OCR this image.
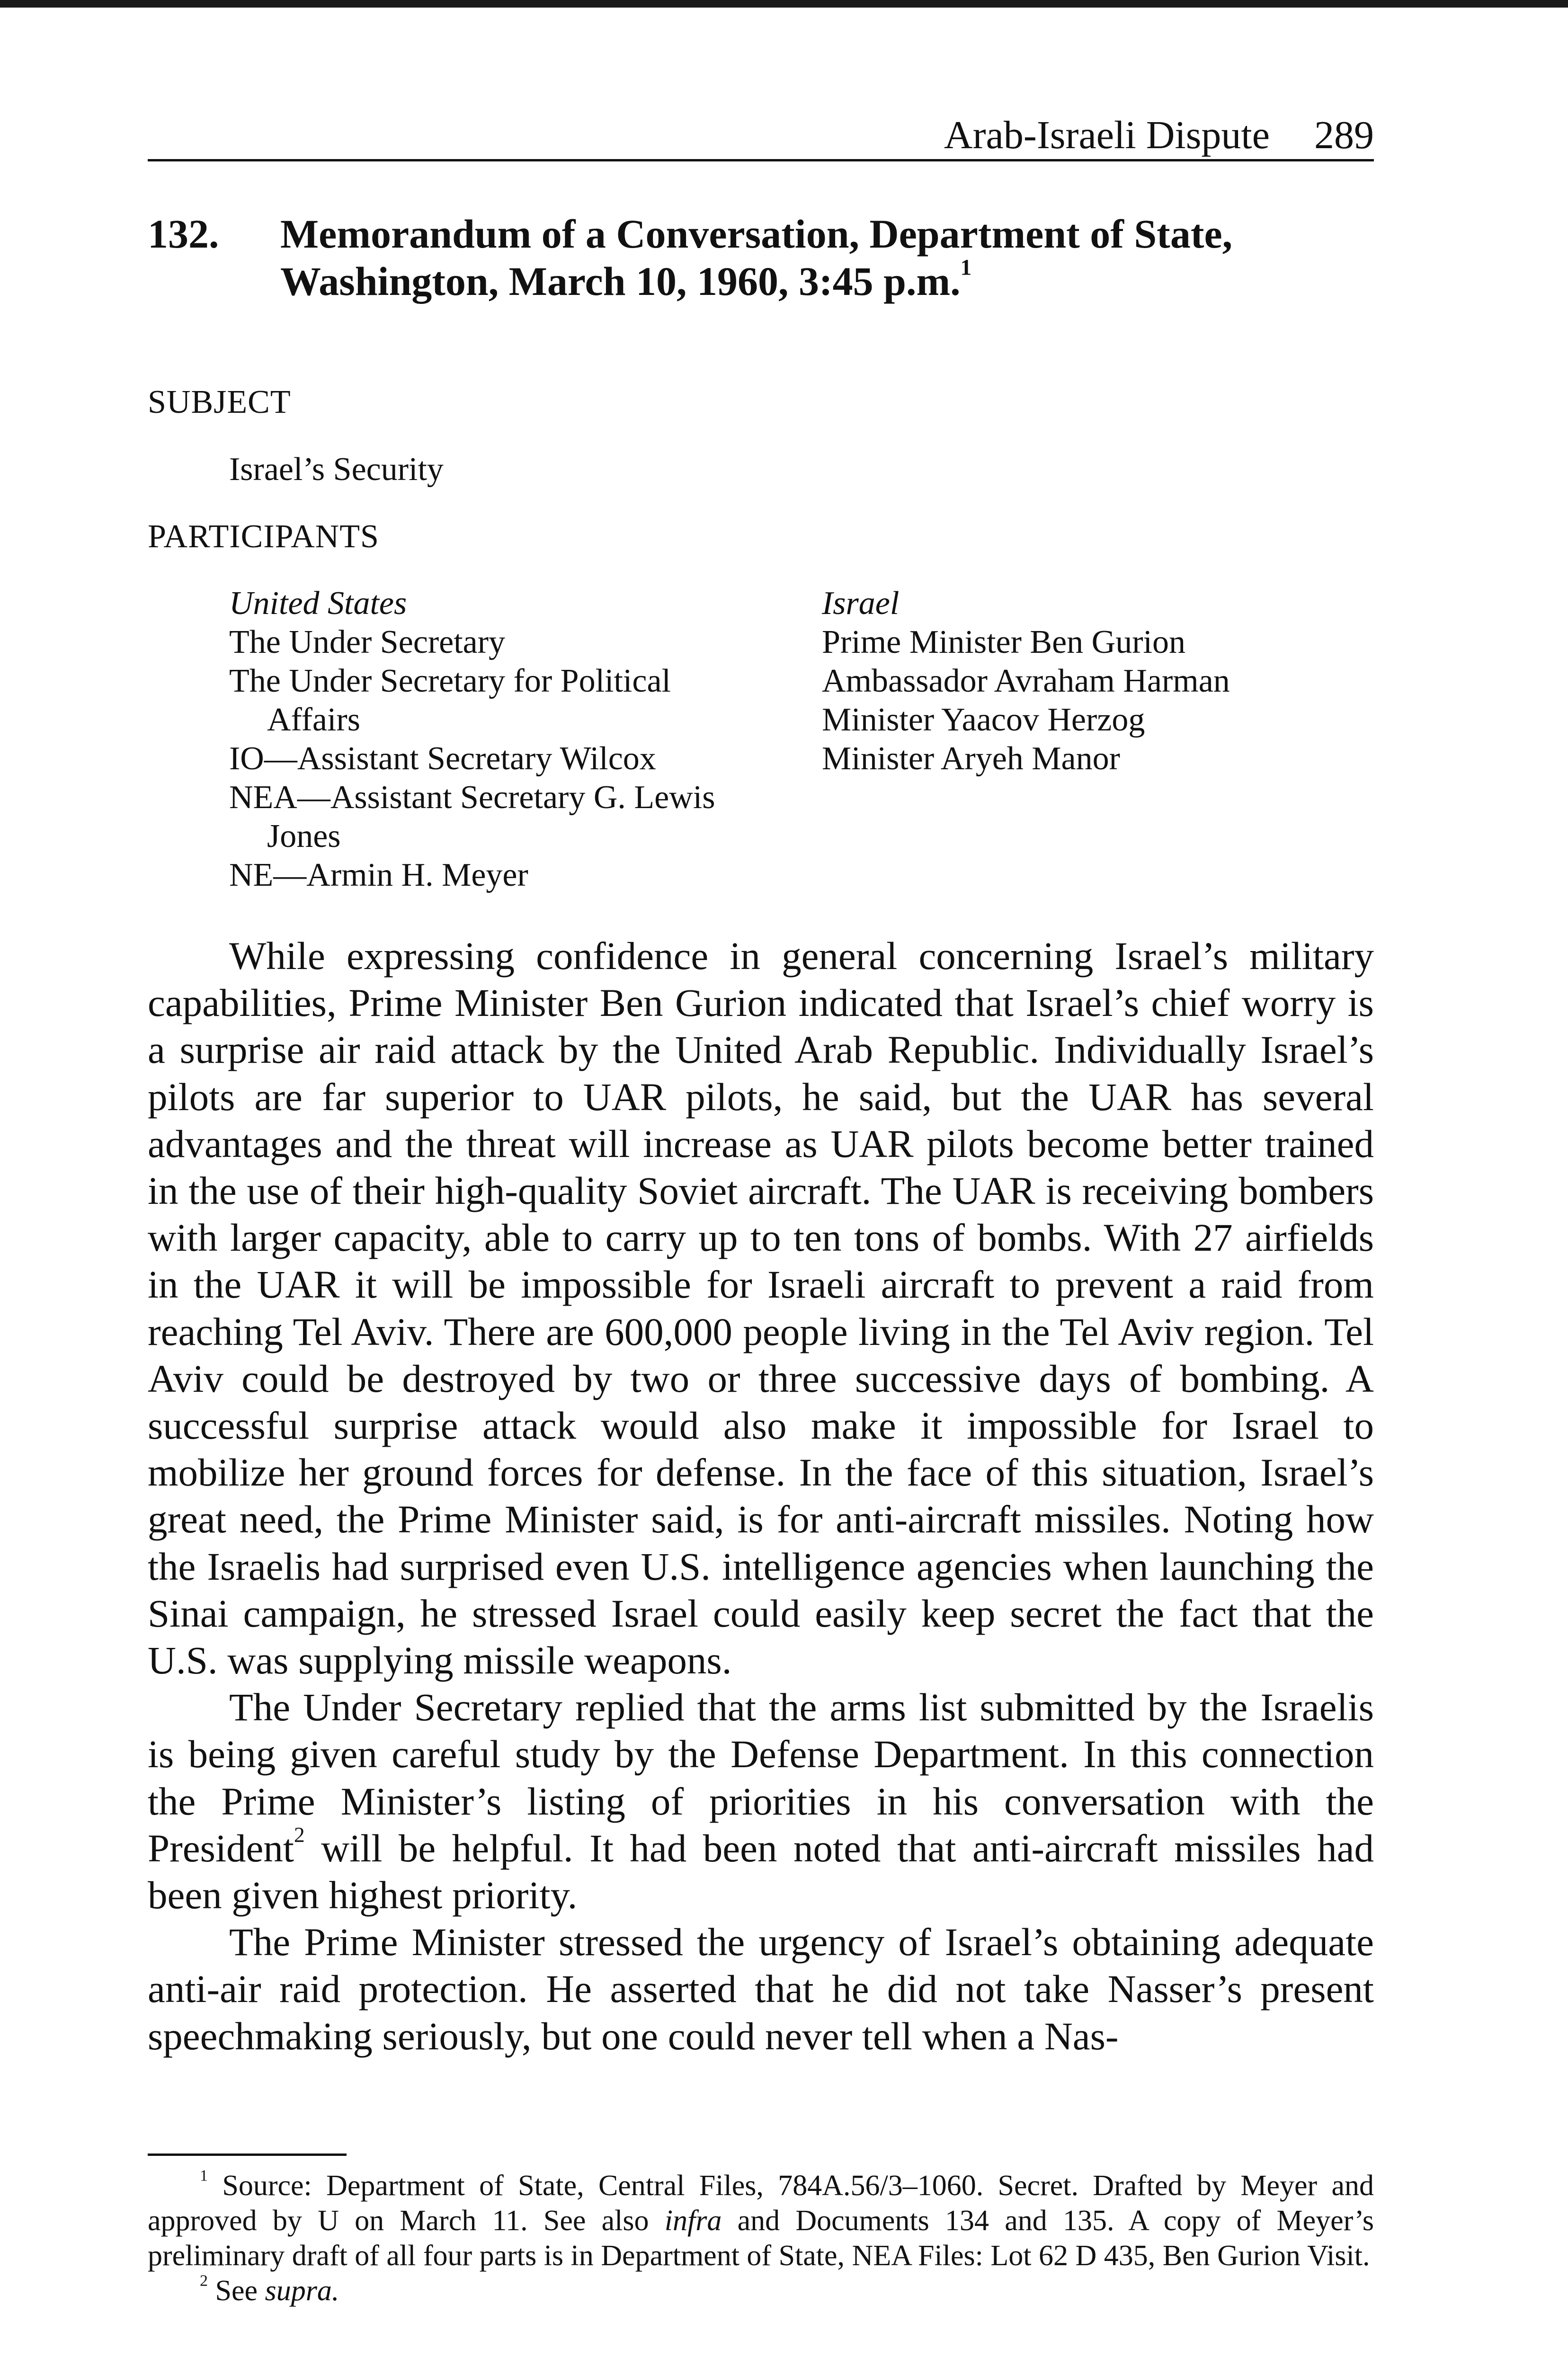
Arab-Israeli Dispute 289
132. Memorandum of a Conversation, Department of State, Washington, March 10, 1960, 3:45 p.m.$^1$
SUBJECT
Israel’s Security
PARTICIPANTS
United States
The Under Secretary
The Under Secretary for Political
Affairs
IO—Assistant Secretary Wilcox
NEA—Assistant Secretary G. Lewis
Jones
NE—Armin H. Meyer
Israel
Prime Minister Ben Gurion
Ambassador Avraham Harman
Minister Yaacov Herzog
Minister Aryeh Manor

While expressing confidence in general concerning Israel’s military capabilities, Prime Minister Ben Gurion indicated that Israel’s chief worry is a surprise air raid attack by the United Arab Republic. Individually Israel’s pilots are far superior to UAR pilots, he said, but the UAR has several advantages and the threat will increase as UAR pilots become better trained in the use of their high-quality Soviet aircraft. The UAR is receiving bombers with larger capacity, able to carry up to ten tons of bombs. With 27 airfields in the UAR it will be impossible for Israeli aircraft to prevent a raid from reaching Tel Aviv. There are 600,000 people living in the Tel Aviv region. Tel Aviv could be destroyed by two or three successive days of bombing. A successful surprise attack would also make it impossible for Israel to mobilize her ground forces for defense. In the face of this situation, Israel’s great need, the Prime Minister said, is for anti-aircraft missiles. Noting how the Israelis had surprised even U.S. intelligence agencies when launching the Sinai campaign, he stressed Israel could easily keep secret the fact that the U.S. was supplying missile weapons.

The Under Secretary replied that the arms list submitted by the Israelis is being given careful study by the Defense Department. In this connection the Prime Minister’s listing of priorities in his conversation with the President$^2$ will be helpful. It had been noted that anti-aircraft missiles had been given highest priority.

The Prime Minister stressed the urgency of Israel’s obtaining adequate anti-air raid protection. He asserted that he did not take Nasser’s present speechmaking seriously, but one could never tell when a Nas-

$^1$ Source: Department of State, Central Files, 784A.56/3–1060. Secret. Drafted by Meyer and approved by U on March 11. See also infra and Documents 134 and 135. A copy of Meyer’s preliminary draft of all four parts is in Department of State, NEA Files: Lot 62 D 435, Ben Gurion Visit.

$^2$ See supra.
